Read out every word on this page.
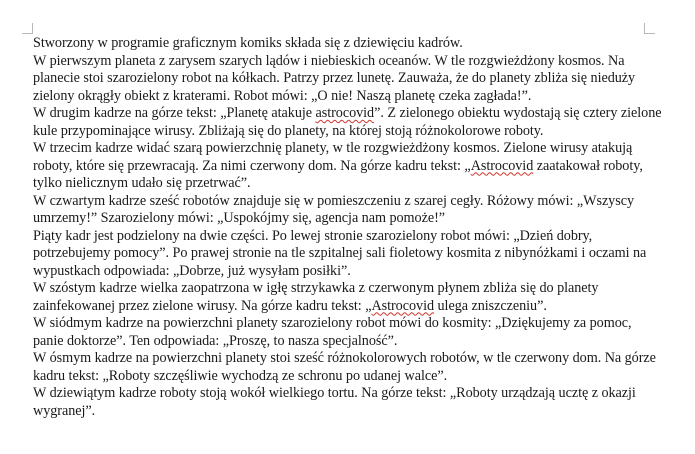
Stworzony w programie graficznym komiks składa się z dziewięciu kadrów.

W pierwszym planeta z zarysem szarych lądów i niebieskich oceanów. W tle rozgwieżdżony kosmos. Na planecie stoi szarozielony robot na kółkach. Patrzy przez lunetę. Zauważa, że do planety zbliża się nieduży zielony okrągły obiekt z kraterami. Robot mówi: „O nie! Naszą planetę czeka zagłada!”.

W drugim kadrze na górze tekst: „Planetę atakuje astrocovid”. Z zielonego obiektu wydostają się cztery zielone kule przypominające wirusy. Zbliżają się do planety, na której stoją różnokolorowe roboty.

W trzecim kadrze widać szarą powierzchnię planety, w tle rozgwieżdżony kosmos. Zielone wirusy atakują roboty, które się przewracają. Za nimi czerwony dom. Na górze kadru tekst: „Astrocovid zaatakował roboty, tylko nielicznym udało się przetrwać”.

W czwartym kadrze sześć robotów znajduje się w pomieszczeniu z szarej cegły. Różowy mówi: „Wszyscy umrzemy!” Szarozielony mówi: „Uspokójmy się, agencja nam pomoże!”

Piąty kadr jest podzielony na dwie części. Po lewej stronie szarozielony robot mówi: „Dzień dobry, potrzebujemy pomocy”. Po prawej stronie na tle szpitalnej sali fioletowy kosmita z nibynóżkami i oczami na wypustkach odpowiada: „Dobrze, już wysyłam posiłki”.

W szóstym kadrze wielka zaopatrzona w igłę strzykawka z czerwonym płynem zbliża się do planety zainfekowanej przez zielone wirusy. Na górze kadru tekst: „Astrocovid ulega zniszczeniu”.

W siódmym kadrze na powierzchni planety szarozielony robot mówi do kosmity: „Dziękujemy za pomoc, panie doktorze”. Ten odpowiada: „Proszę, to nasza specjalność”.

W ósmym kadrze na powierzchni planety stoi sześć różnokolorowych robotów, w tle czerwony dom. Na górze kadru tekst: „Roboty szczęśliwie wychodzą ze schronu po udanej walce”.

W dziewiątym kadrze roboty stoją wokół wielkiego tortu. Na górze tekst: „Roboty urządzają ucztę z okazji wygranej”.
